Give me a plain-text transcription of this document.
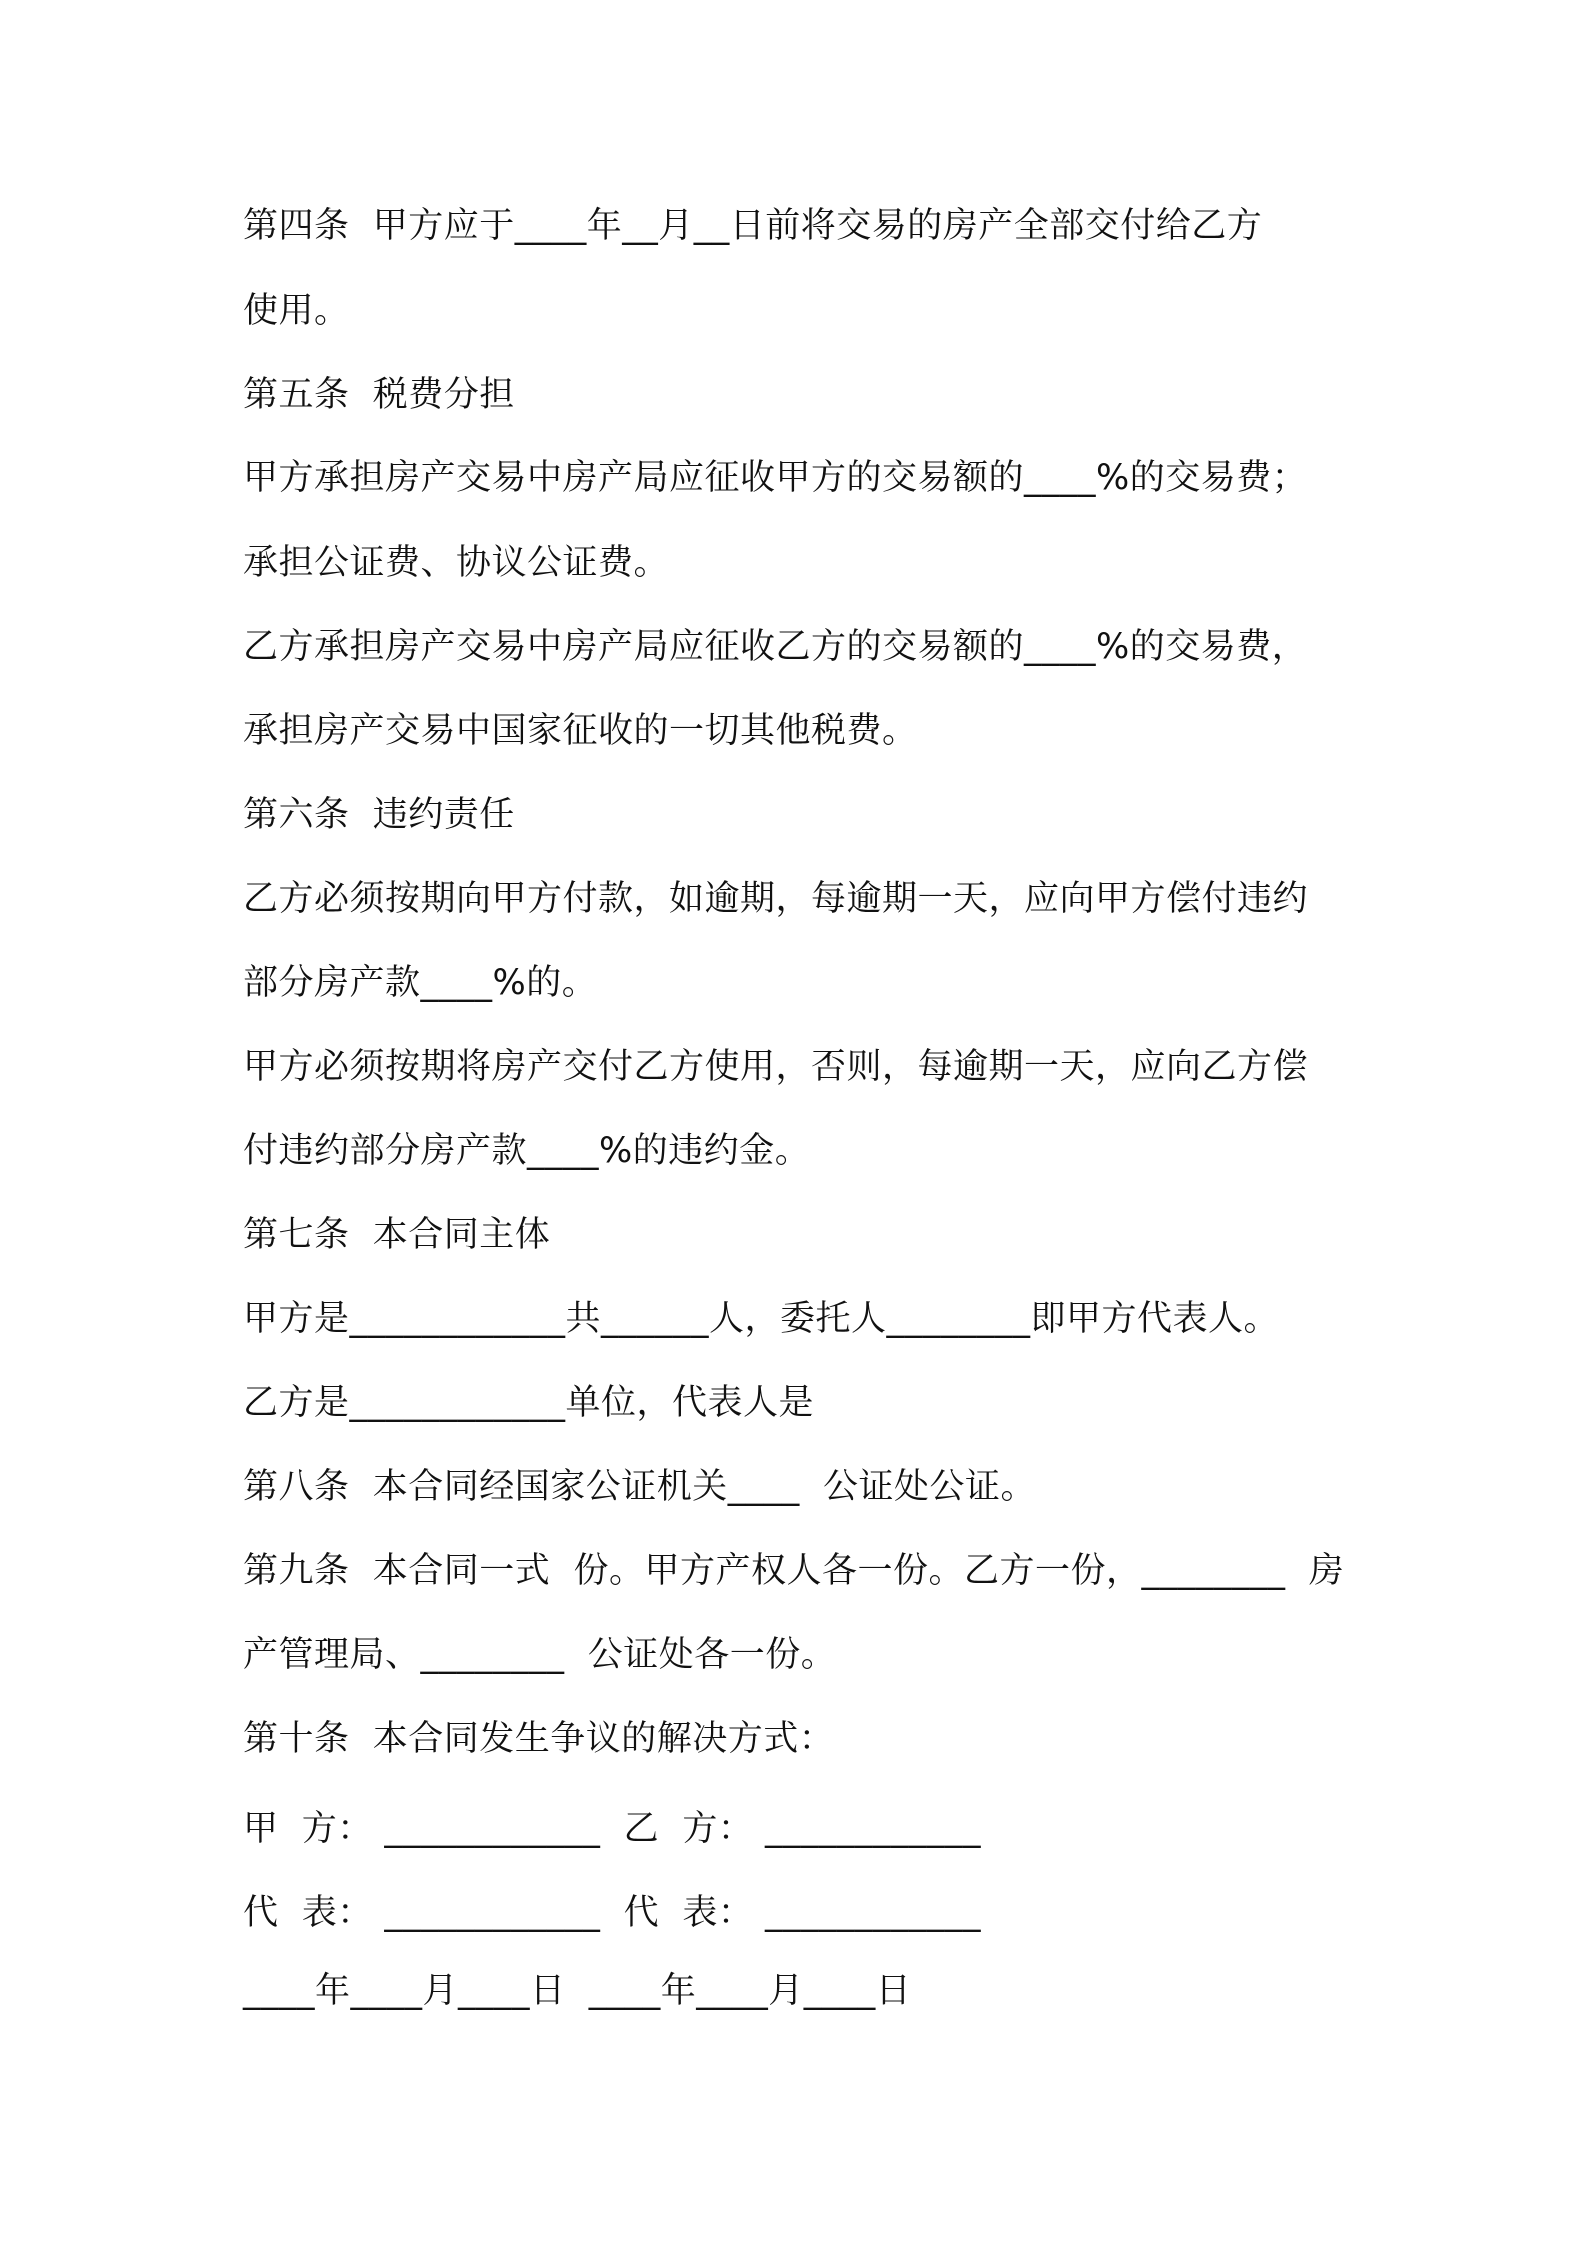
第四条  甲方应于____年__月__日前将交易的房产全部交付给乙方
使用。
第五条  税费分担
甲方承担房产交易中房产局应征收甲方的交易额的____%的交易费；
承担公证费、协议公证费。
乙方承担房产交易中房产局应征收乙方的交易额的____%的交易费，
承担房产交易中国家征收的一切其他税费。
第六条  违约责任
乙方必须按期向甲方付款，如逾期，每逾期一天，应向甲方偿付违约
部分房产款____%的。
甲方必须按期将房产交付乙方使用，否则，每逾期一天，应向乙方偿
付违约部分房产款____%的违约金。
第七条  本合同主体
甲方是____________共______人，委托人________即甲方代表人。
乙方是____________单位，代表人是
第八条  本合同经国家公证机关____  公证处公证。
第九条  本合同一式  份。甲方产权人各一份。乙方一份，________  房
产管理局、________  公证处各一份。
第十条  本合同发生争议的解决方式：
甲  方： ____________  乙  方： ____________
代  表： ____________  代  表： ____________
____年____月____日  ____年____月____日
